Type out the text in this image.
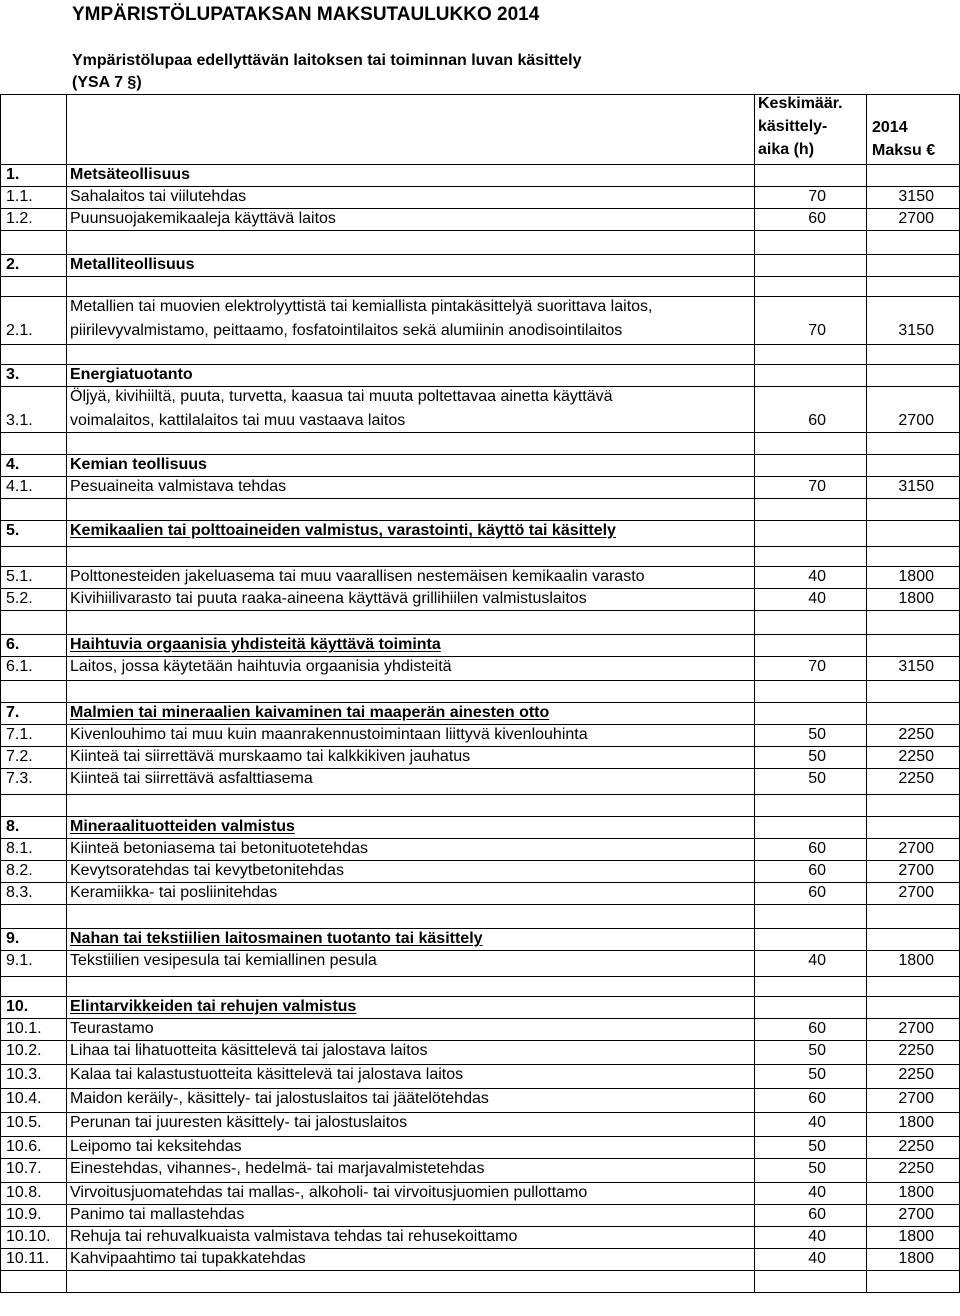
YMPÄRISTÖLUPATAKSAN MAKSUTAULUKKO 2014
Ympäristölupaa edellyttävän laitoksen tai toiminnan luvan käsittely
(YSA 7 §)
Keskimäär.
käsittely-
aika (h)
2014
Maksu €
1.	Metsäteollisuus
1.1. Sahalaitos tai viilutehdas	70	3150
1.2. Puunsuojakemikaaleja käyttävä laitos	60	2700
2.	Metalliteollisuus
2.1.
Metallien tai muovien elektrolyyttistä tai kemiallista pintakäsittelyä suorittava laitos,
piirilevyvalmistamo, peittaamo, fosfatointilaitos sekä alumiinin anodisointilaitos	70	3150
3.	Energiatuotanto
3.1.
Öljyä, kivihiiltä, puuta, turvetta, kaasua tai muuta poltettavaa ainetta käyttävä
voimalaitos, kattilalaitos tai muu vastaava laitos	60	2700
4.	Kemian teollisuus
4.1. Pesuaineita valmistava tehdas	70	3150
5.	Kemikaalien tai polttoaineiden valmistus, varastointi, käyttö tai käsittely
5.1. Polttonesteiden jakeluasema tai muu vaarallisen nestemäisen kemikaalin varasto	40	1800
5.2. Kivihiilivarasto tai puuta raaka-aineena käyttävä grillihiilen valmistuslaitos	40	1800
6.	Haihtuvia orgaanisia yhdisteitä käyttävä toiminta
6.1. Laitos, jossa käytetään haihtuvia orgaanisia yhdisteitä	70	3150
7.	Malmien tai mineraalien kaivaminen tai maaperän ainesten otto
7.1. Kivenlouhimo tai muu kuin maanrakennustoimintaan liittyvä kivenlouhinta	50	2250
7.2. Kiinteä tai siirrettävä murskaamo tai kalkkikiven jauhatus	50	2250
7.3. Kiinteä tai siirrettävä asfalttiasema	50	2250
8.	Mineraalituotteiden valmistus
8.1. Kiinteä betoniasema tai betonituotetehdas	60	2700
8.2. Kevytsoratehdas tai kevytbetonitehdas	60	2700
8.3. Keramiikka- tai posliinitehdas	60	2700
9.	Nahan tai tekstiilien laitosmainen tuotanto tai käsittely
9.1. Tekstiilien vesipesula tai kemiallinen pesula	40	1800
10.	Elintarvikkeiden tai rehujen valmistus
10.1. Teurastamo	60	2700
10.2. Lihaa tai lihatuotteita käsittelevä tai jalostava laitos	50	2250
10.3. Kalaa tai kalastustuotteita käsittelevä tai jalostava laitos	50	2250
10.4. Maidon keräily-, käsittely- tai jalostuslaitos tai jäätelötehdas	60	2700
10.5. Perunan tai juuresten käsittely- tai jalostuslaitos	40	1800
10.6. Leipomo tai keksitehdas	50	2250
10.7. Einestehdas, vihannes-, hedelmä- tai marjavalmistetehdas	50	2250
10.8. Virvoitusjuomatehdas tai mallas-, alkoholi- tai virvoitusjuomien pullottamo	40	1800
10.9. Panimo tai mallastehdas	60	2700
10.10. Rehuja tai rehuvalkuaista valmistava tehdas tai rehusekoittamo	40	1800
10.11. Kahvipaahtimo tai tupakkatehdas	40	1800
